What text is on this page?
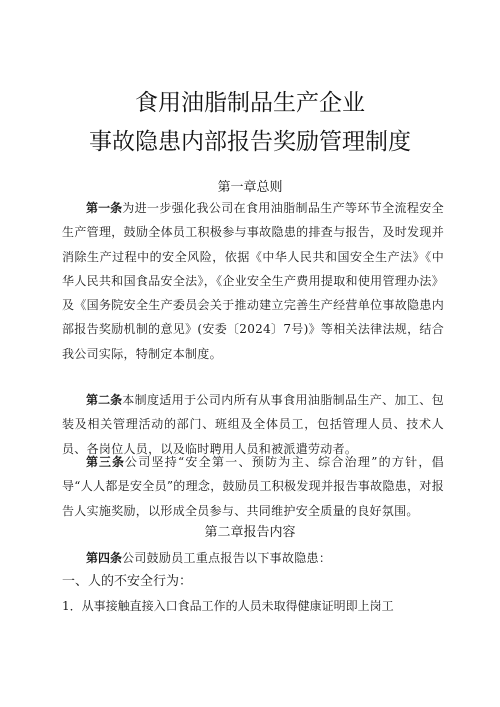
食用油脂制品生产企业
事故隐患内部报告奖励管理制度
第一章总则
第一条为进一步强化我公司在食用油脂制品生产等环节全流程安全生产管理，鼓励全体员工积极参与事故隐患的排查与报告，及时发现并消除生产过程中的安全风险，依据《中华人民共和国安全生产法》《中华人民共和国食品安全法》，《企业安全生产费用提取和使用管理办法》及《国务院安全生产委员会关于推动建立完善生产经营单位事故隐患内部报告奖励机制的意见》(安委〔2024〕7号)》等相关法律法规，结合我公司实际，特制定本制度。
第二条本制度适用于公司内所有从事食用油脂制品生产、加工、包装及相关管理活动的部门、班组及全体员工，包括管理人员、技术人员、各岗位人员，以及临时聘用人员和被派遣劳动者。
第三条公司坚持“安全第一、预防为主、综合治理”的方针，倡导“人人都是安全员”的理念，鼓励员工积极发现并报告事故隐患，对报告人实施奖励，以形成全员参与、共同维护安全质量的良好氛围。
第二章报告内容
第四条公司鼓励员工重点报告以下事故隐患：
一、人的不安全行为：
1．从事接触直接入口食品工作的人员未取得健康证明即上岗工
